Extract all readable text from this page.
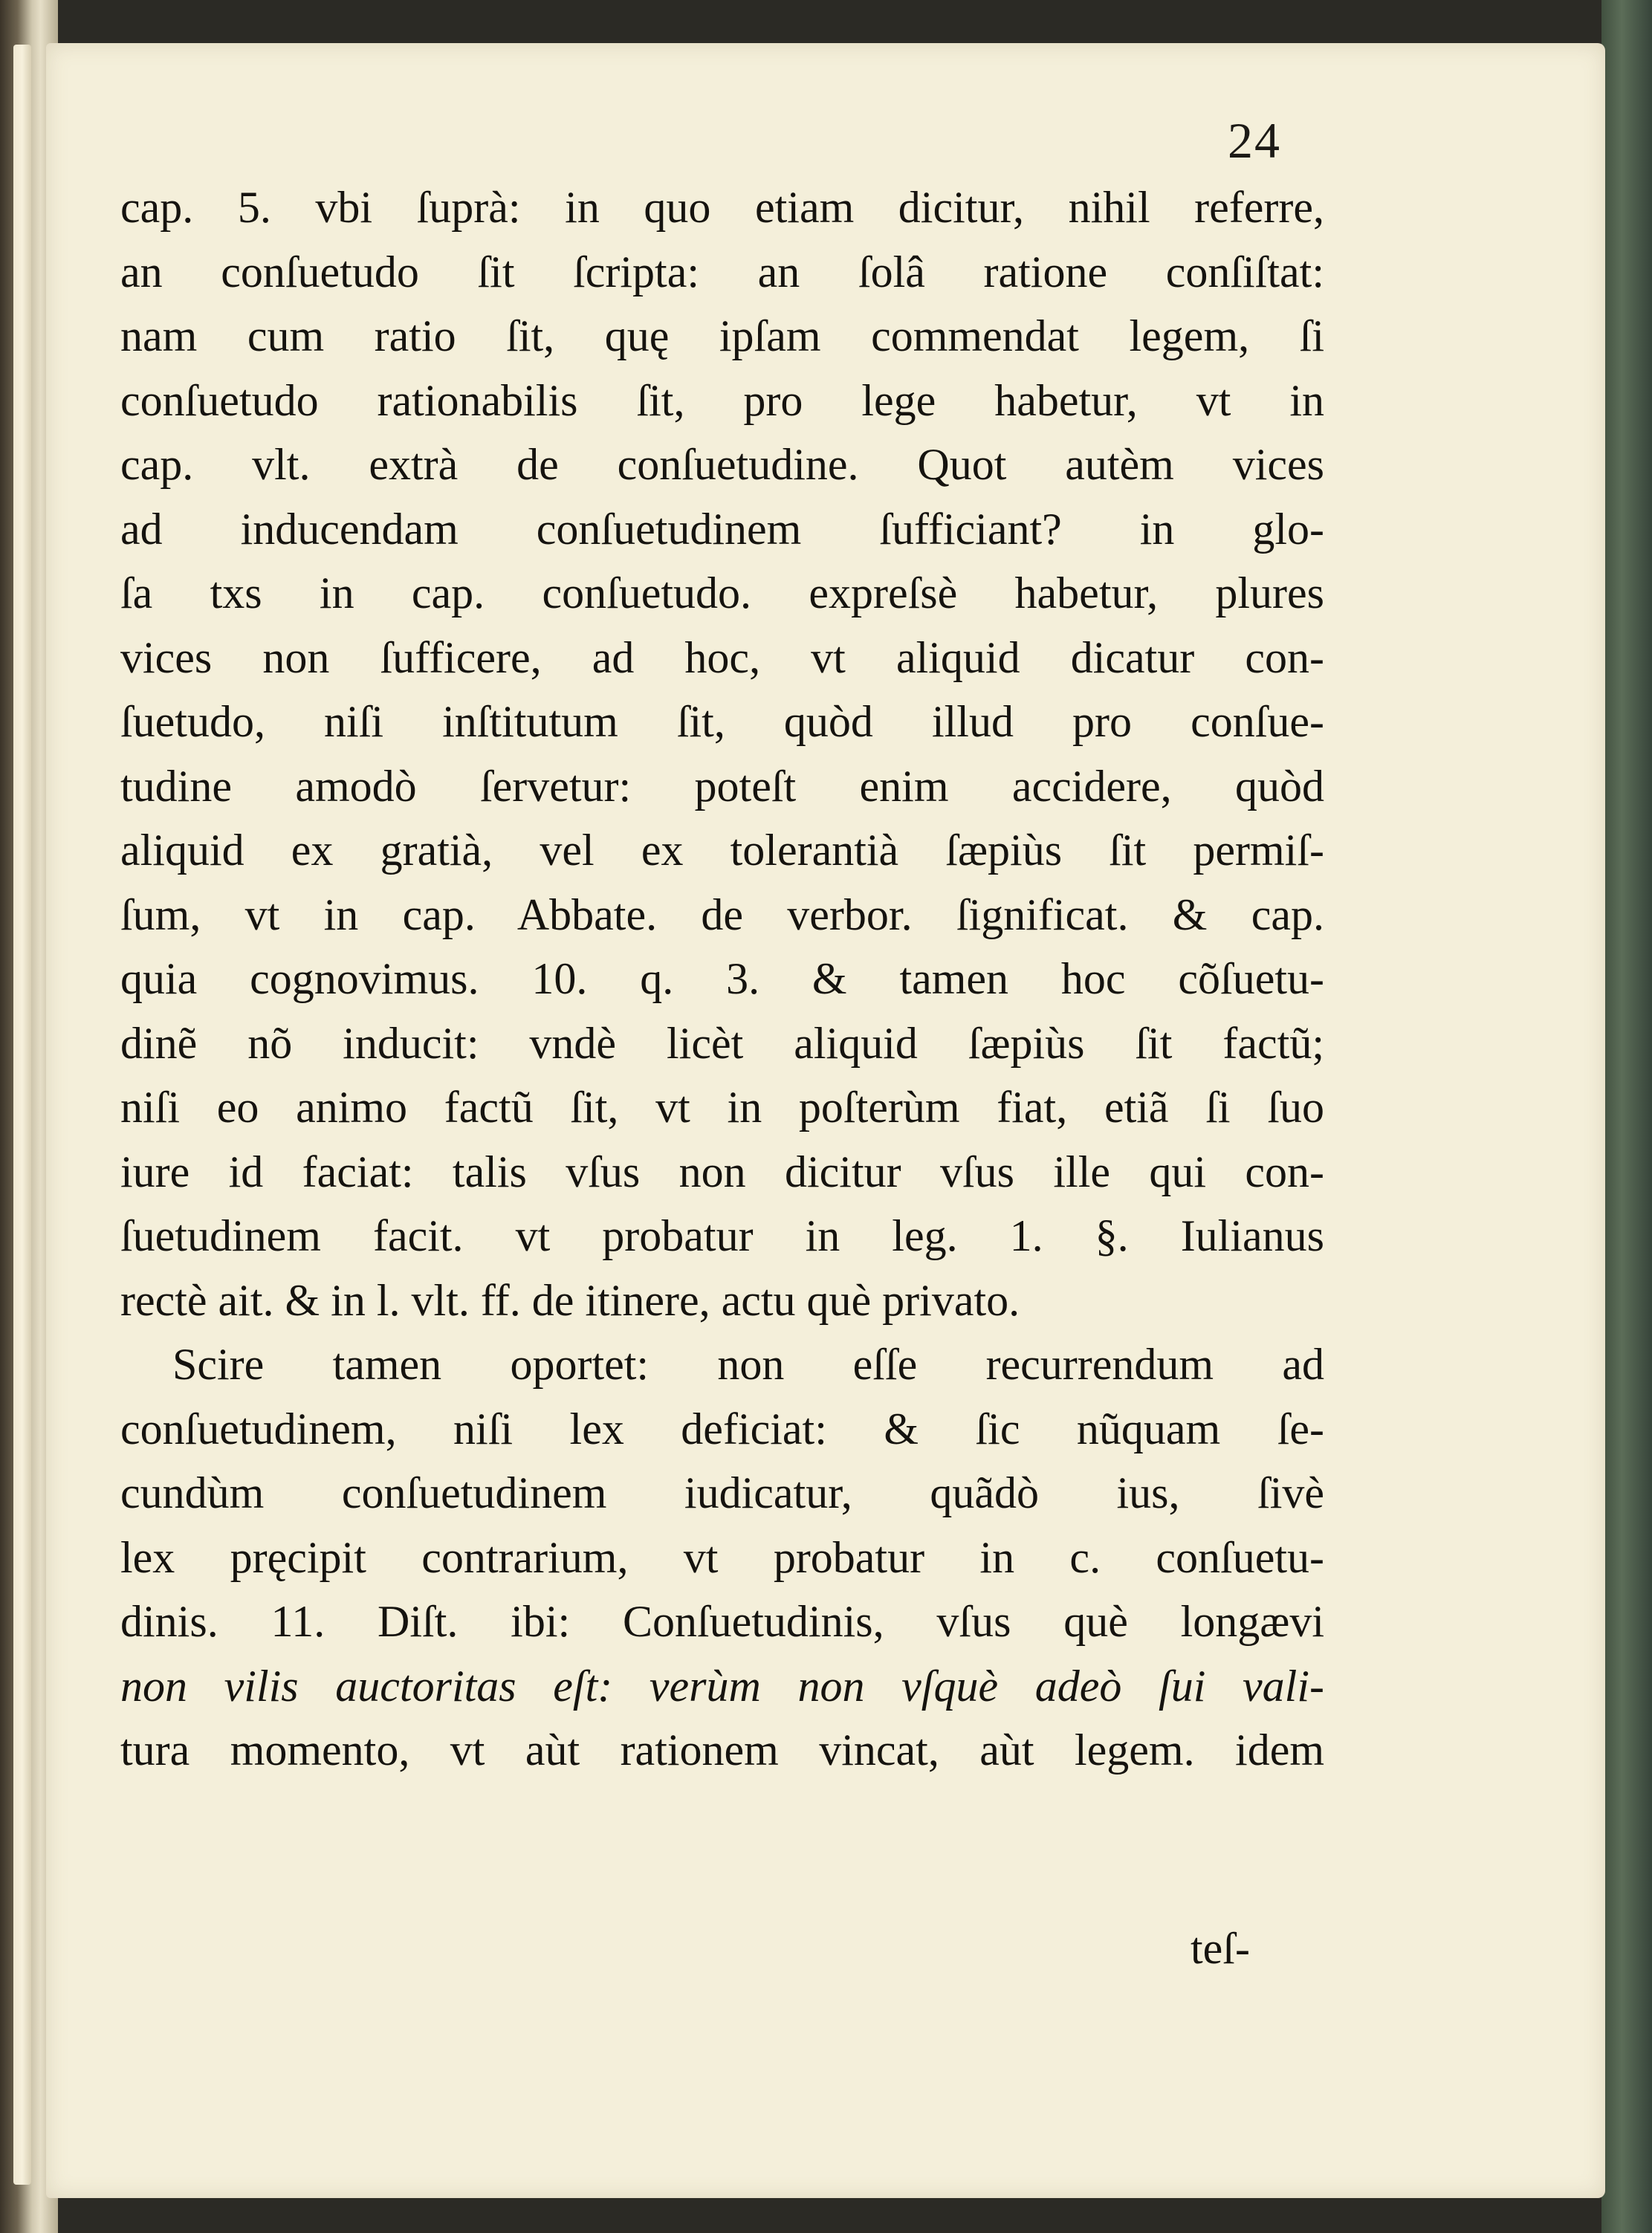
24
cap. 5. vbi ſuprà: in quo etiam dicitur, nihil referre,
an conſuetudo ſit ſcripta: an ſolâ ratione conſiſtat:
nam cum ratio ſit, quę ipſam commendat legem, ſi
conſuetudo rationabilis ſit, pro lege habetur, vt in
cap. vlt. extrà de conſuetudine. Quot autèm vices
ad inducendam conſuetudinem ſufficiant? in glo-
ſa txs in cap. conſuetudo. expreſsè habetur, plures
vices non ſufficere, ad hoc, vt aliquid dicatur con-
ſuetudo, niſi inſtitutum ſit, quòd illud pro conſue-
tudine amodò ſervetur: poteſt enim accidere, quòd
aliquid ex gratià, vel ex tolerantià ſæpiùs ſit permiſ-
ſum, vt in cap. Abbate. de verbor. ſignificat. & cap.
quia cognovimus. 10. q. 3. & tamen hoc cõſuetu-
dinẽ nõ inducit: vndè licèt aliquid ſæpiùs ſit factũ;
niſi eo animo factũ ſit, vt in poſterùm fiat, etiã ſi ſuo
iure id faciat: talis vſus non dicitur vſus ille qui con-
ſuetudinem facit. vt probatur in leg. 1. §. Iulianus
rectè ait. & in l. vlt. ff. de itinere, actu què privato.
Scire tamen oportet: non eſſe recurrendum ad
conſuetudinem, niſi lex deficiat: & ſic nũquam ſe-
cundùm conſuetudinem iudicatur, quãdò ius, ſivè
lex pręcipit contrarium, vt probatur in c. conſuetu-
dinis. 11. Diſt. ibi: Conſuetudinis, vſus què longævi
non vilis auctoritas eſt: verùm non vſquè adeò ſui vali-
tura momento, vt aùt rationem vincat, aùt legem. idem
teſ-
